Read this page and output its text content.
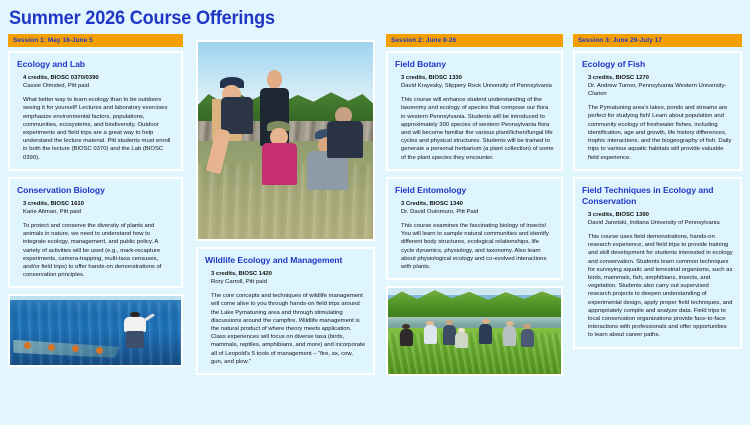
Summer 2026 Course Offerings
Session 1: May 18-June 5
Ecology and Lab
4 credits, BIOSC 0370/0390
Cassie Olmsted, Pitt paid
What better way to learn ecology than to be outdoors seeing it for yourself! Lectures and laboratory exercises emphasize environmental factors, populations, communities, ecosystems, and biodiversity. Outdoor experiments and field trips are a great way to help understand the lecture material. Pitt students must enroll in both the lecture (BIOSC 0370) and the Lab (BIOSC 0390).
Conservation Biology
3 credits, BIOSC 1610
Karie Altman, Pitt paid
To protect and conserve the diversity of plants and animals in nature, we need to understand how to integrate ecology, management, and public policy. A variety of activities will be used (e.g., mark-recapture experiments, camera-trapping, multi-taxa censuses, and/or field trips) to offer hands-on demonstrations of conservation principles.
Wildlife Ecology and Management
3 credits, BIOSC 1420
Rory Carroll, Pitt paid
The core concepts and techniques of wildlife management will come alive to you through hands-on field trips around the Lake Pymatuning area and through stimulating discussions around the campfire. Wildlife management is the natural product of where theory meets application. Class experiences will focus on diverse taxa (birds, mammals, reptiles, amphibians, and more) and incorporate all of Leopold's 5 tools of management – “fire, ax, cow, gun, and plow.”
Session 2: June 8-26
Field Botany
3 credits, BIOSC 1330
David Krayesky, Slippery Rock University of Pennsylvania
This course will enhance student understanding of the taxonomy and ecology of species that compose our flora in western Pennsylvania. Students will be introduced to approximately 300 species of western Pennsylvania flora and will become familiar the various plant/lichen/fungal life cycles and physical structures. Students will be trained to generate a personal herbarium (a plant collection) of some of the plant species they encounter.
Field Entomology
3 Credits, BIOSC 1340
Dr. David Outomuro, Pitt Paid
This course examines the fascinating biology of insects! You will learn to sample natural communities and identify different body structures, ecological relationships, life cycle dynamics, physiology, and taxonomy. Also learn about physiological ecology and co-evolved interactions with plants.
Session 3: June 29-July 17
Ecology of Fish
3 credits, BIOSC 1270
Dr. Andrew Turner, Pennsylvania Western University-Clarion
The Pymatuning area's lakes, ponds and streams are perfect for studying fish! Learn about population and community ecology of freshwater fishes, including identification, age and growth, life history differences, trophic interactions, and the biogeography of fish. Daily trips to various aquatic habitats will provide valuable field experience.
Field Techniques in Ecology and Conservation
3 credits, BIOSC 1390
David Janetski, Indiana University of Pennsylvania
This course uses field demonstrations, hands-on research experience, and field trips to provide training and skill development for students interested in ecology and conservation. Students learn common techniques for surveying aquatic and terrestrial organisms, such as birds, mammals, fish, amphibians, insects, and vegetation. Students also carry out supervised research projects to deepen understanding of experimental design, apply proper field techniques, and appropriately compile and analyze data. Field trips to local conservation organizations provide face-to-face interactions with professionals and offer opportunities to learn about career paths.
